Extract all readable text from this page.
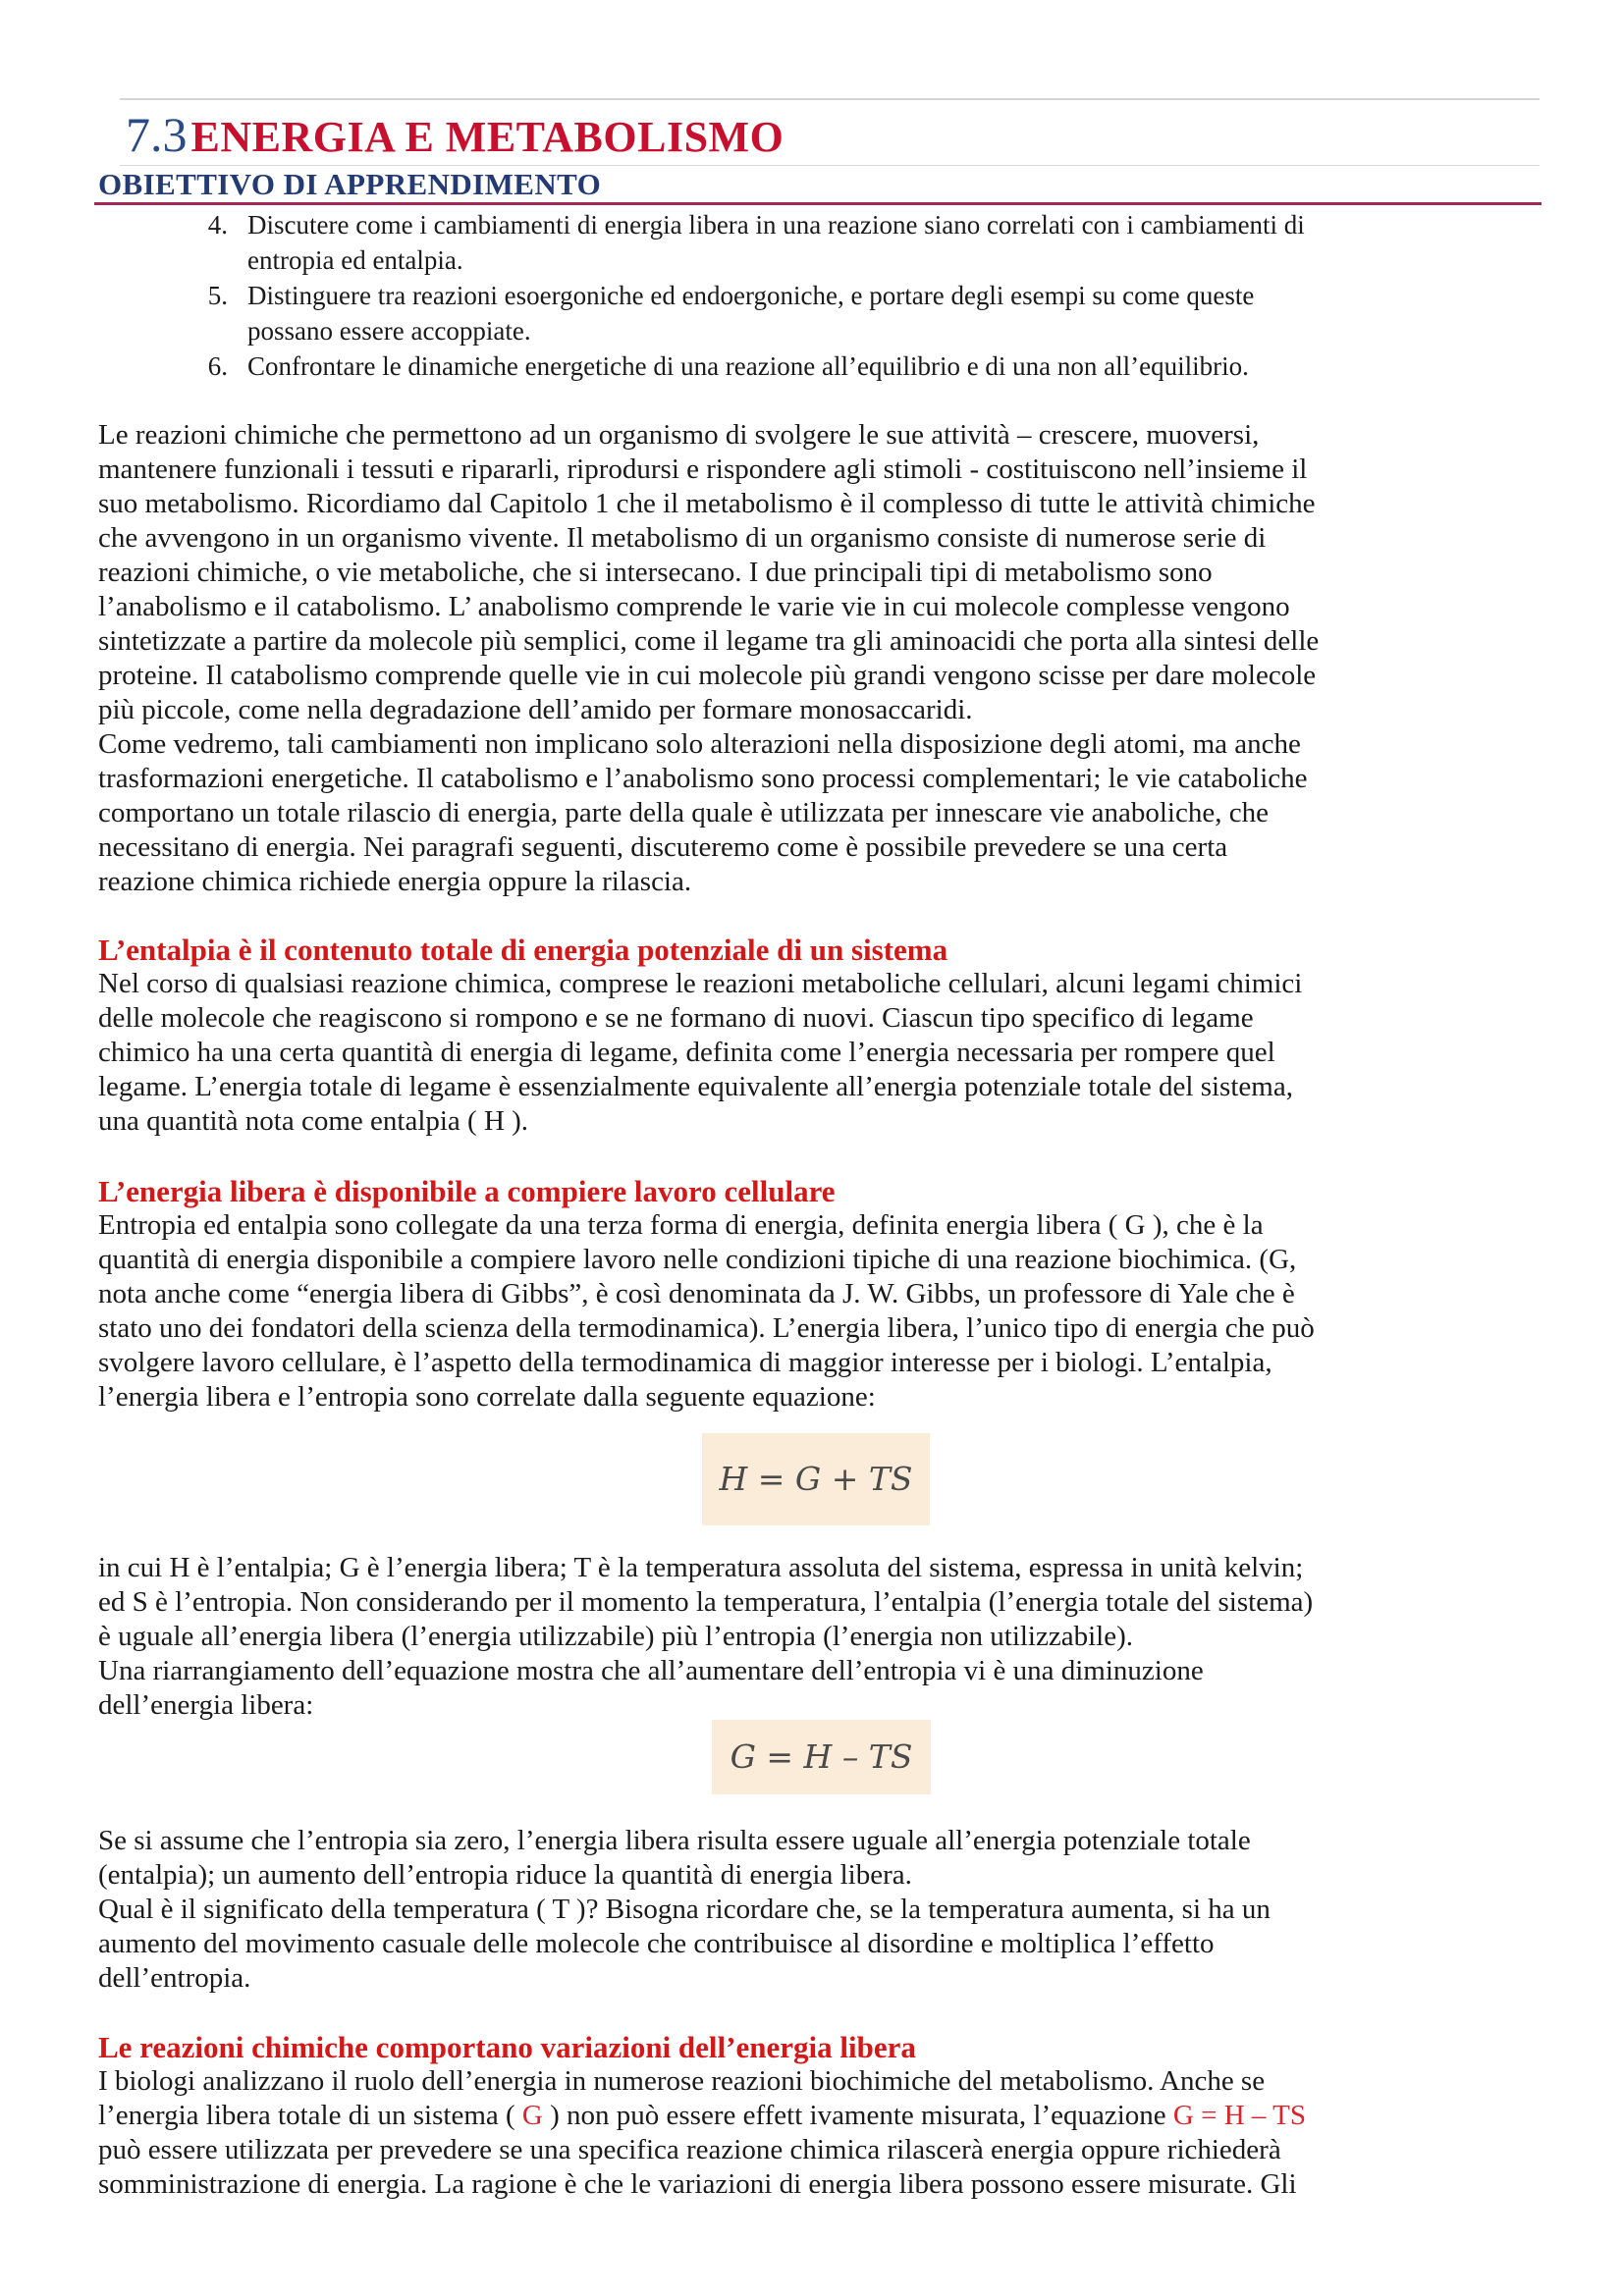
7.3 ENERGIA E METABOLISMO
OBIETTIVO DI APPRENDIMENTO
4. Discutere come i cambiamenti di energia libera in una reazione siano correlati con i cambiamenti di
entropia ed entalpia.
5. Distinguere tra reazioni esoergoniche ed endoergoniche, e portare degli esempi su come queste
possano essere accoppiate.
6. Confrontare le dinamiche energetiche di una reazione all’equilibrio e di una non all’equilibrio.
Le reazioni chimiche che permettono ad un organismo di svolgere le sue attività – crescere, muoversi,
mantenere funzionali i tessuti e ripararli, riprodursi e rispondere agli stimoli - costituiscono nell’insieme il
suo metabolismo. Ricordiamo dal Capitolo 1 che il metabolismo è il complesso di tutte le attività chimiche
che avvengono in un organismo vivente. Il metabolismo di un organismo consiste di numerose serie di
reazioni chimiche, o vie metaboliche, che si intersecano. I due principali tipi di metabolismo sono
l’anabolismo e il catabolismo. L’ anabolismo comprende le varie vie in cui molecole complesse vengono
sintetizzate a partire da molecole più semplici, come il legame tra gli aminoacidi che porta alla sintesi delle
proteine. Il catabolismo comprende quelle vie in cui molecole più grandi vengono scisse per dare molecole
più piccole, come nella degradazione dell’amido per formare monosaccaridi.
Come vedremo, tali cambiamenti non implicano solo alterazioni nella disposizione degli atomi, ma anche
trasformazioni energetiche. Il catabolismo e l’anabolismo sono processi complementari; le vie cataboliche
comportano un totale rilascio di energia, parte della quale è utilizzata per innescare vie anaboliche, che
necessitano di energia. Nei paragrafi seguenti, discuteremo come è possibile prevedere se una certa
reazione chimica richiede energia oppure la rilascia.
L’entalpia è il contenuto totale di energia potenziale di un sistema
Nel corso di qualsiasi reazione chimica, comprese le reazioni metaboliche cellulari, alcuni legami chimici
delle molecole che reagiscono si rompono e se ne formano di nuovi. Ciascun tipo specifico di legame
chimico ha una certa quantità di energia di legame, definita come l’energia necessaria per rompere quel
legame. L’energia totale di legame è essenzialmente equivalente all’energia potenziale totale del sistema,
una quantità nota come entalpia ( H ).
L’energia libera è disponibile a compiere lavoro cellulare
Entropia ed entalpia sono collegate da una terza forma di energia, definita energia libera ( G ), che è la
quantità di energia disponibile a compiere lavoro nelle condizioni tipiche di una reazione biochimica. (G,
nota anche come “energia libera di Gibbs”, è così denominata da J. W. Gibbs, un professore di Yale che è
stato uno dei fondatori della scienza della termodinamica). L’energia libera, l’unico tipo di energia che può
svolgere lavoro cellulare, è l’aspetto della termodinamica di maggior interesse per i biologi. L’entalpia,
l’energia libera e l’entropia sono correlate dalla seguente equazione:
H = G + TS
in cui H è l’entalpia; G è l’energia libera; T è la temperatura assoluta del sistema, espressa in unità kelvin;
ed S è l’entropia. Non considerando per il momento la temperatura, l’entalpia (l’energia totale del sistema)
è uguale all’energia libera (l’energia utilizzabile) più l’entropia (l’energia non utilizzabile).
Una riarrangiamento dell’equazione mostra che all’aumentare dell’entropia vi è una diminuzione
dell’energia libera:
G = H – TS
Se si assume che l’entropia sia zero, l’energia libera risulta essere uguale all’energia potenziale totale
(entalpia); un aumento dell’entropia riduce la quantità di energia libera.
Qual è il significato della temperatura ( T )? Bisogna ricordare che, se la temperatura aumenta, si ha un
aumento del movimento casuale delle molecole che contribuisce al disordine e moltiplica l’effetto
dell’entropia.
Le reazioni chimiche comportano variazioni dell’energia libera
I biologi analizzano il ruolo dell’energia in numerose reazioni biochimiche del metabolismo. Anche se
l’energia libera totale di un sistema ( G ) non può essere effett ivamente misurata, l’equazione G = H – TS
può essere utilizzata per prevedere se una specifica reazione chimica rilascerà energia oppure richiederà
somministrazione di energia. La ragione è che le variazioni di energia libera possono essere misurate. Gli
